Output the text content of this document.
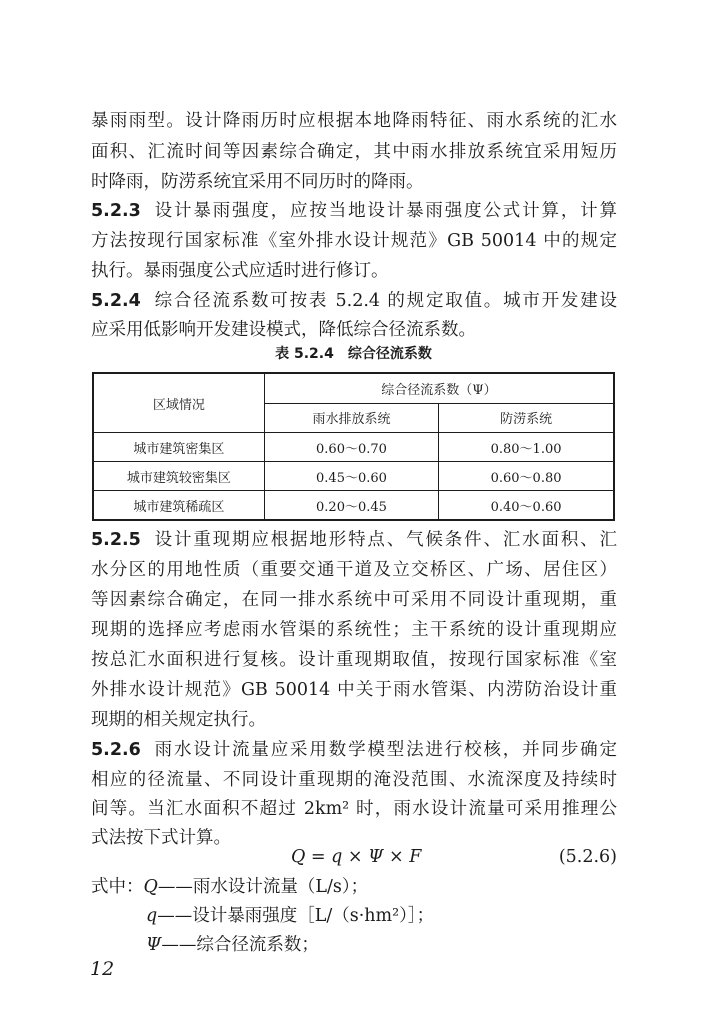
暴雨雨型。设计降雨历时应根据本地降雨特征、雨水系统的汇水
面积、汇流时间等因素综合确定，其中雨水排放系统宜采用短历
时降雨，防涝系统宜采用不同历时的降雨。
5.2.3 设计暴雨强度，应按当地设计暴雨强度公式计算，计算
方法按现行国家标准《室外排水设计规范》GB 50014 中的规定
执行。暴雨强度公式应适时进行修订。
5.2.4 综合径流系数可按表 5.2.4 的规定取值。城市开发建设
应采用低影响开发建设模式，降低综合径流系数。
表 5.2.4　综合径流系数
区域情况	综合径流系数（Ψ）	
	雨水排放系统	防涝系统
城市建筑密集区	0.60～0.70	0.80～1.00
城市建筑较密集区	0.45～0.60	0.60～0.80
城市建筑稀疏区	0.20～0.45	0.40～0.60
5.2.5 设计重现期应根据地形特点、气候条件、汇水面积、汇
水分区的用地性质（重要交通干道及立交桥区、广场、居住区）
等因素综合确定，在同一排水系统中可采用不同设计重现期，重
现期的选择应考虑雨水管渠的系统性；主干系统的设计重现期应
按总汇水面积进行复核。设计重现期取值，按现行国家标准《室
外排水设计规范》GB 50014 中关于雨水管渠、内涝防治设计重
现期的相关规定执行。
5.2.6 雨水设计流量应采用数学模型法进行校核，并同步确定
相应的径流量、不同设计重现期的淹没范围、水流深度及持续时
间等。当汇水面积不超过 2km² 时，雨水设计流量可采用推理公
式法按下式计算。
Q = q × Ψ × F	(5.2.6)
式中：Q——雨水设计流量（L/s）；
q——设计暴雨强度［L/（s·hm²）］；
Ψ——综合径流系数；
12
